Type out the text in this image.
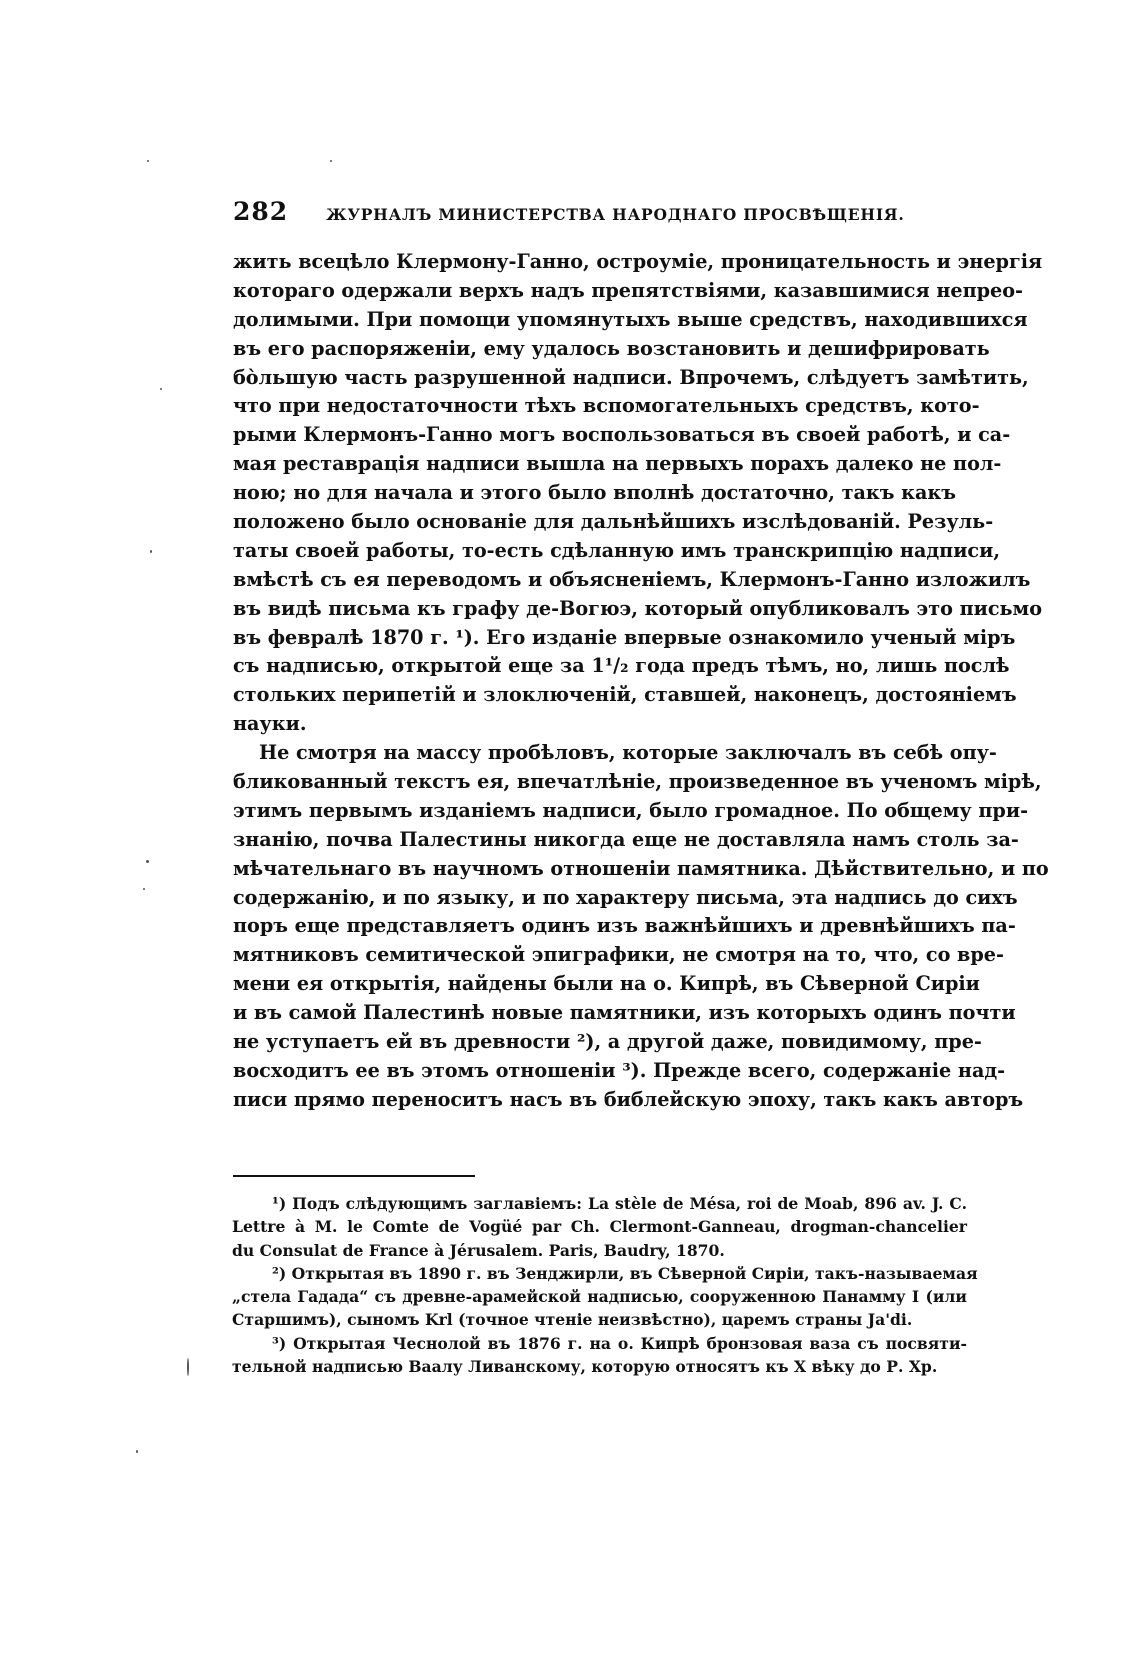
282 ЖУРНАЛЪ МИНИСТЕРСТВА НАРОДНАГО ПРОСВѢЩЕНІЯ.
жить всецѣло Клермону-Ганно, остроумiе, проницательность и энергія
котораго одержали верхъ надъ препятствіями, казавшимися непрео-
долимыми. При помощи упомянутыхъ выше средствъ, находившихся
въ его распоряженіи, ему удалось возстановить и дешифрировать
бо̀льшую часть разрушенной надписи. Впрочемъ, слѣдуетъ замѣтить,
что при недостаточности тѣхъ вспомогательныхъ средствъ, кото-
рыми Клермонъ-Ганно могъ воспользоваться въ своей работѣ, и са-
мая реставрація надписи вышла на первыхъ порахъ далеко не пол-
ною; но для начала и этого было вполнѣ достаточно, такъ какъ
положено было основаніе для дальнѣйшихъ изслѣдованій. Резуль-
таты своей работы, то-есть сдѣланную имъ транскрипцію надписи,
вмѣстѣ съ ея переводомъ и объясненіемъ, Клермонъ-Ганно изложилъ
въ видѣ письма къ графу де-Вогюэ, который опубликовалъ это письмо
въ февралѣ 1870 г. ¹). Его изданіе впервые ознакомило ученый міръ
съ надписью, открытой еще за 1¹/₂ года предъ тѣмъ, но, лишь послѣ
стольких перипетій и злоключеній, ставшей, наконецъ, достояніемъ
науки.
Не смотря на массу пробѣловъ, которые заключалъ въ себѣ опу-
бликованный текстъ ея, впечатлѣніе, произведенное въ ученомъ мірѣ,
этимъ первымъ изданіемъ надписи, было громадное. По общему при-
знанію, почва Палестины никогда еще не доставляла намъ столь за-
мѣчательнаго въ научномъ отношеніи памятника. Дѣйствительно, и по
содержанію, и по языку, и по характеру письма, эта надпись до сихъ
поръ еще представляетъ одинъ изъ важнѣйшихъ и древнѣйшихъ па-
мятниковъ семитической эпиграфики, не смотря на то, что, со вре-
мени ея открытія, найдены были на о. Кипрѣ, въ Сѣверной Сиріи
и въ самой Палестинѣ новые памятники, изъ которыхъ одинъ почти
не уступаетъ ей въ древности ²), а другой даже, повидимому, пре-
восходитъ ее въ этомъ отношеніи ³). Прежде всего, содержаніе над-
писи прямо переноситъ насъ въ библейскую эпоху, такъ какъ авторъ
¹) Подъ слѣдующимъ заглавіемъ: La stèle de Mésa, roi de Moab, 896 av. J. C.
Lettre à M. le Comte de Vogüé par Ch. Clermont-Ganneau, drogman-chancelier
du Consulat de France à Jérusalem. Paris, Baudry, 1870.
²) Открытая въ 1890 г. въ Зенджирли, въ Сѣверной Сиріи, такъ-называемая
„стела Гадада“ съ древне-арамейской надписью, сооруженною Панамму I (или
Старшимъ), сыномъ Krl (точное чтеніе неизвѣстно), царемъ страны Ja'di.
³) Открытая Чеснолой въ 1876 г. на о. Кипрѣ бронзовая ваза съ посвяти-
тельной надписью Ваалу Ливанскому, которую относятъ къ X вѣку до Р. Хр.
